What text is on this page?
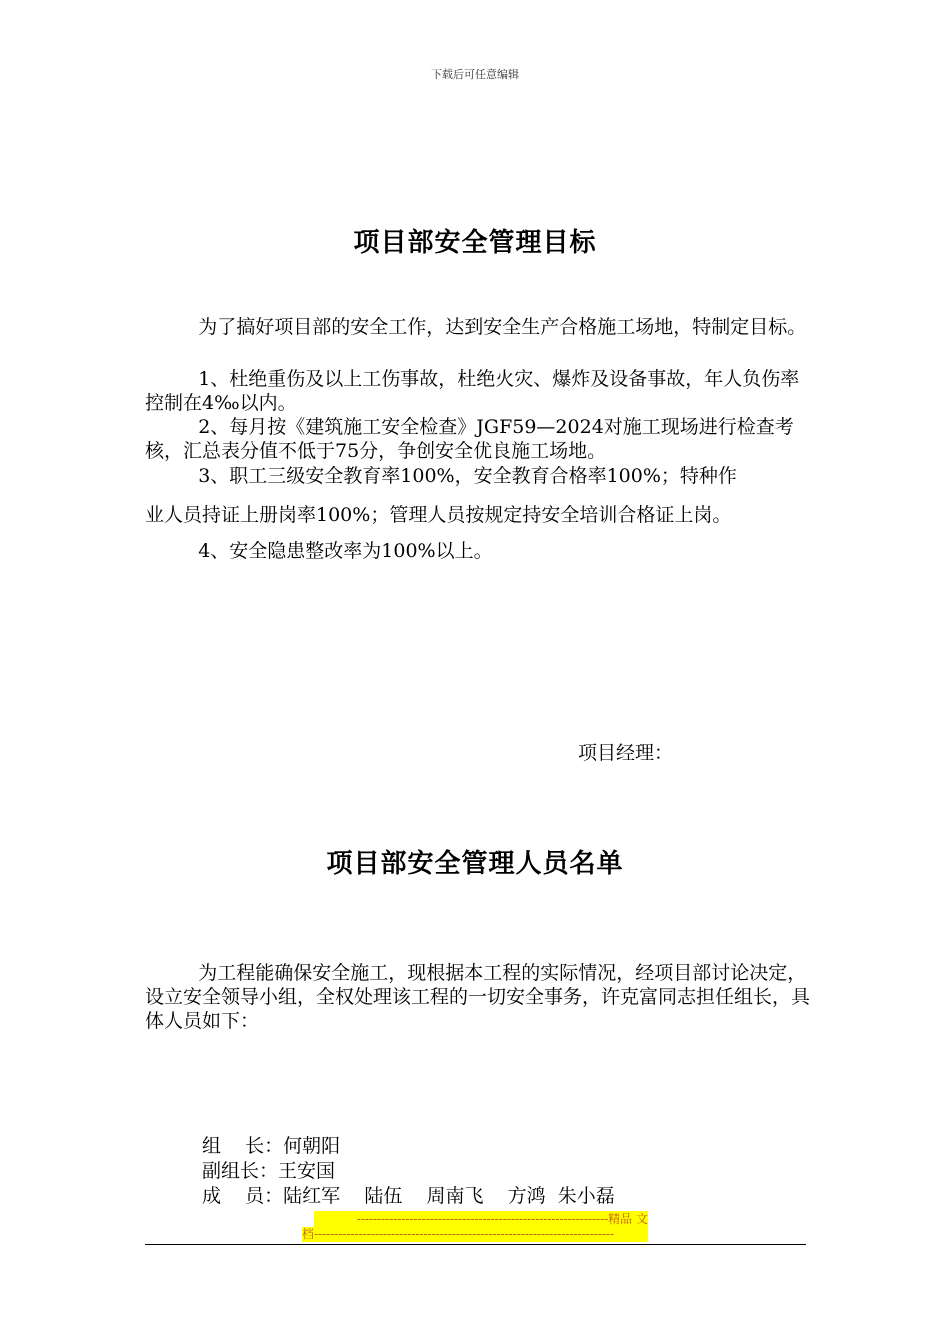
下载后可任意编辑
项目部安全管理目标
为了搞好项目部的安全工作，达到安全生产合格施工场地，特制定目标。
1、杜绝重伤及以上工伤事故，杜绝火灾、爆炸及设备事故，年人负伤率控制在4‰以内。
2、每月按《建筑施工安全检查》JGF59—2024对施工现场进行检查考核，汇总表分值不低于75分，争创安全优良施工场地。
3、职工三级安全教育率100%，安全教育合格率100%；特种作
业人员持证上册岗率100%；管理人员按规定持安全培训合格证上岗。
4、安全隐患整改率为100%以上。
项目经理：
项目部安全管理人员名单
为工程能确保安全施工，现根据本工程的实际情况，经项目部讨论决定，设立安全领导小组，全权处理该工程的一切安全事务，许克富同志担任组长，具体人员如下：
组    长：何朝阳
副组长：王安国
成    员：陆红军    陆伍    周南飞    方鸿  朱小磊
--------------------------------------------------------------精品 文
档--------------------------------------------------------------------------
